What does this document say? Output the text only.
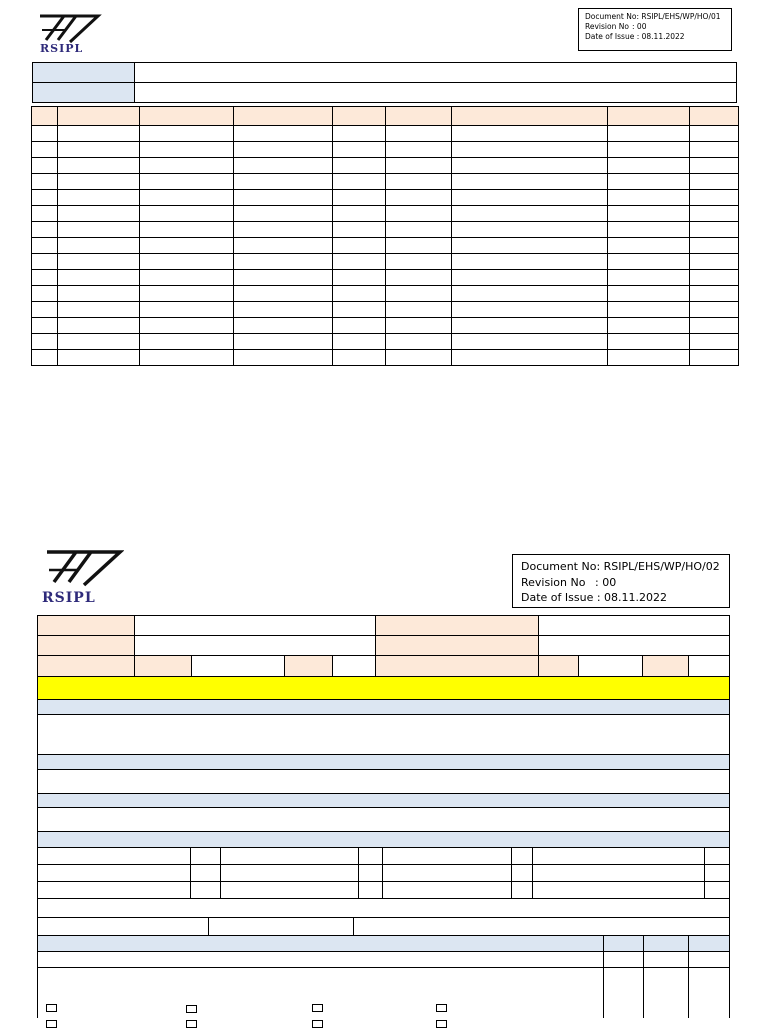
RSIPL
Document No: RSIPL/EHS/WP/HO/01
Revision No : 00
Date of Issue : 08.11.2022

RSIPL
Document No: RSIPL/EHS/WP/HO/02
Revision No : 00
Date of Issue : 08.11.2022
